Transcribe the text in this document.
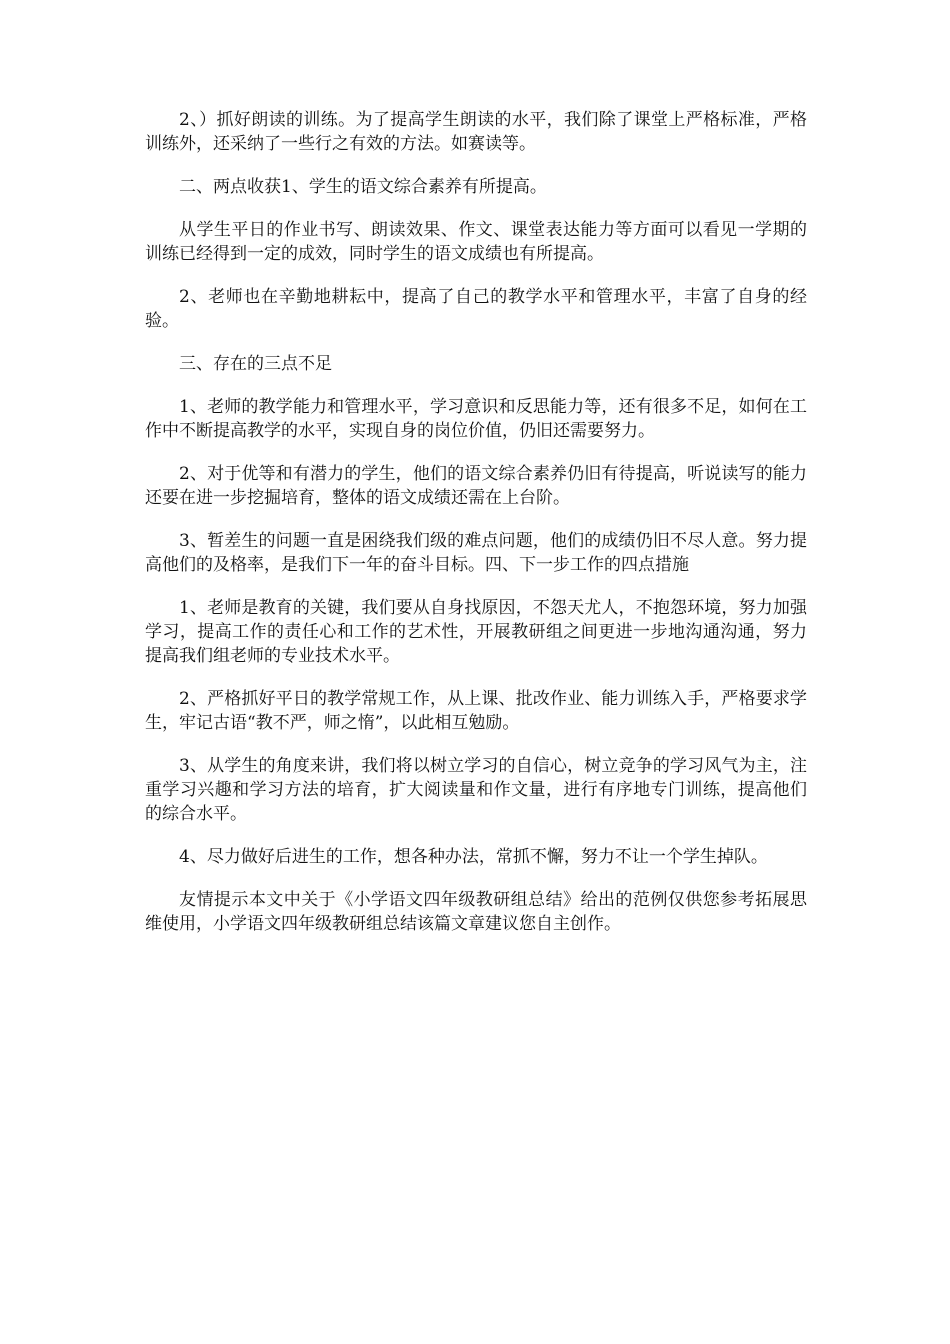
2、）抓好朗读的训练。为了提高学生朗读的水平，我们除了课堂上严格标准，严格训练外，还采纳了一些行之有效的方法。如赛读等。

二、两点收获1、学生的语文综合素养有所提高。

从学生平日的作业书写、朗读效果、作文、课堂表达能力等方面可以看见一学期的训练已经得到一定的成效，同时学生的语文成绩也有所提高。

2、老师也在辛勤地耕耘中，提高了自己的教学水平和管理水平，丰富了自身的经验。

三、存在的三点不足

1、老师的教学能力和管理水平，学习意识和反思能力等，还有很多不足，如何在工作中不断提高教学的水平，实现自身的岗位价值，仍旧还需要努力。

2、对于优等和有潜力的学生，他们的语文综合素养仍旧有待提高，听说读写的能力还要在进一步挖掘培育，整体的语文成绩还需在上台阶。

3、暂差生的问题一直是困绕我们级的难点问题，他们的成绩仍旧不尽人意。努力提高他们的及格率，是我们下一年的奋斗目标。四、下一步工作的四点措施

1、老师是教育的关键，我们要从自身找原因，不怨天尤人，不抱怨环境，努力加强学习，提高工作的责任心和工作的艺术性，开展教研组之间更进一步地沟通沟通，努力提高我们组老师的专业技术水平。

2、严格抓好平日的教学常规工作，从上课、批改作业、能力训练入手，严格要求学生，牢记古语“教不严，师之惰”，以此相互勉励。

3、从学生的角度来讲，我们将以树立学习的自信心，树立竞争的学习风气为主，注重学习兴趣和学习方法的培育，扩大阅读量和作文量，进行有序地专门训练，提高他们的综合水平。

4、尽力做好后进生的工作，想各种办法，常抓不懈，努力不让一个学生掉队。

友情提示本文中关于《小学语文四年级教研组总结》给出的范例仅供您参考拓展思维使用，小学语文四年级教研组总结该篇文章建议您自主创作。
